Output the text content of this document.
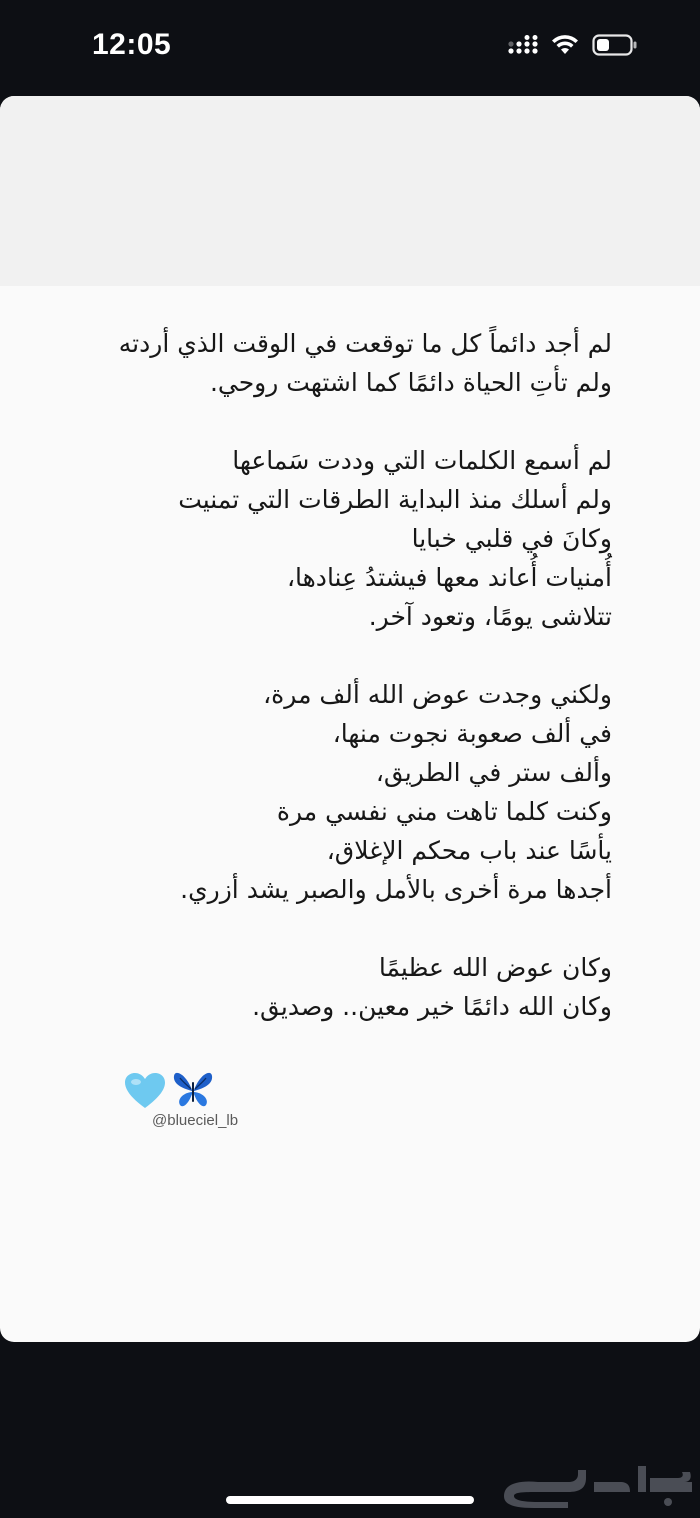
12:05
لم أجد دائماً كل ما توقعت في الوقت الذي أردته
ولم تأتِ الحياة دائمًا كما اشتهت روحي.
لم أسمع الكلمات التي وددت سَماعها
ولم أسلك منذ البداية الطرقات التي تمنيت
وكانَ في قلبي خبايا
أُمنيات أُعاند معها فيشتدُ عِنادها،
تتلاشى يومًا، وتعود آخر.
ولكني وجدت عوض الله ألف مرة،
في ألف صعوبة نجوت منها،
وألف ستر في الطريق،
وكنت كلما تاهت مني نفسي مرة
يأسًا عند باب محكم الإغلاق،
أجدها مرة أخرى بالأمل والصبر يشد أزري.
وكان عوض الله عظيمًا
وكان الله دائمًا خير معين.. وصديق.
@blueciel_lb
